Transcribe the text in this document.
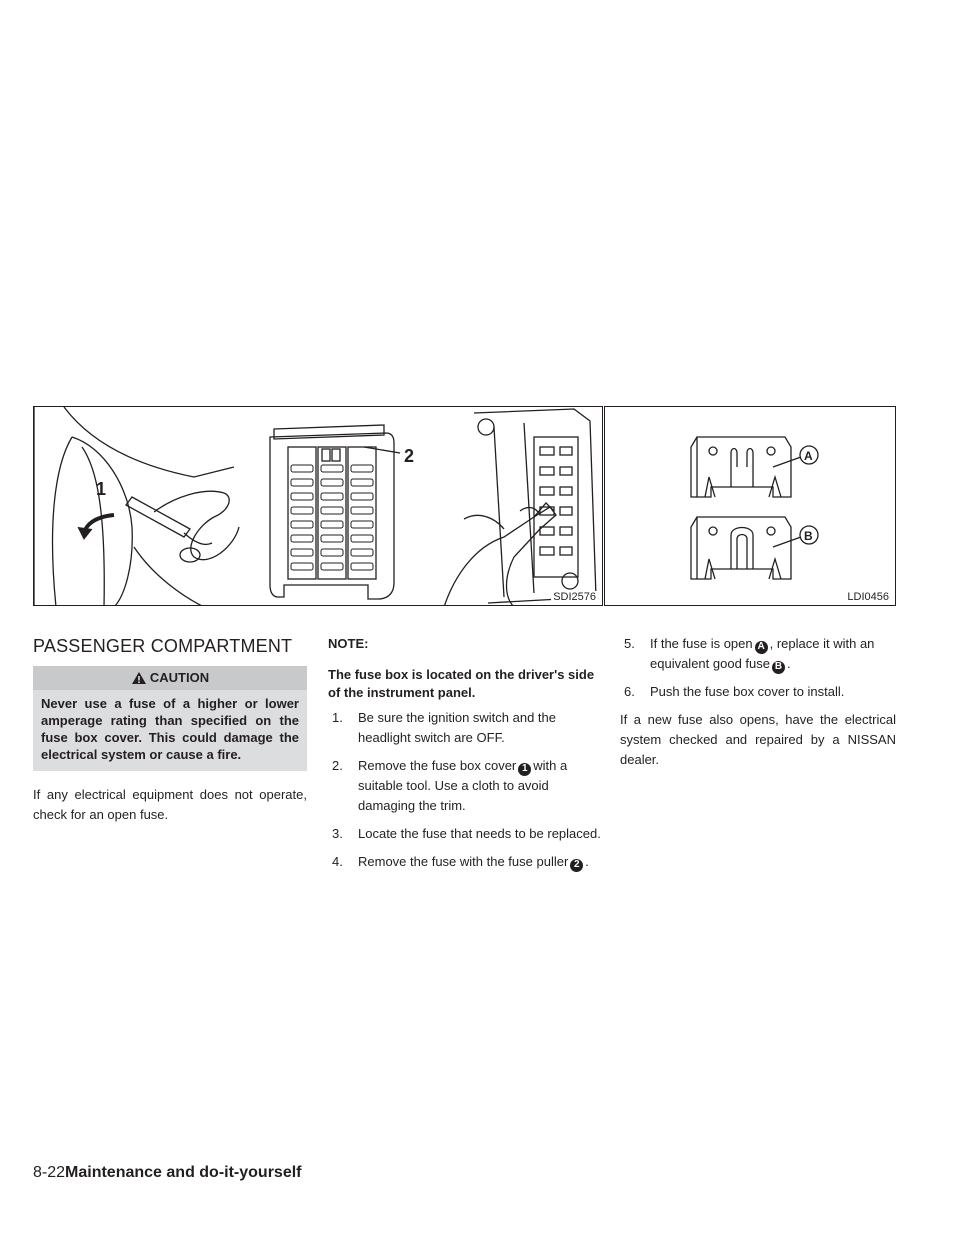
1
2
SDI2576
A
B
LDI0456
PASSENGER COMPARTMENT
CAUTION
Never use a fuse of a higher or lower amperage rating than specified on the fuse box cover. This could damage the electrical system or cause a fire.

If any electrical equipment does not operate, check for an open fuse.

NOTE:
The fuse box is located on the driver's side of the instrument panel.
1. Be sure the ignition switch and the headlight switch are OFF.
2. Remove the fuse box cover 1 with a suitable tool. Use a cloth to avoid damaging the trim.
3. Locate the fuse that needs to be replaced.
4. Remove the fuse with the fuse puller 2 .
5. If the fuse is open A , replace it with an equivalent good fuse B .
6. Push the fuse box cover to install.

If a new fuse also opens, have the electrical system checked and repaired by a NISSAN dealer.

8-22Maintenance and do-it-yourself
